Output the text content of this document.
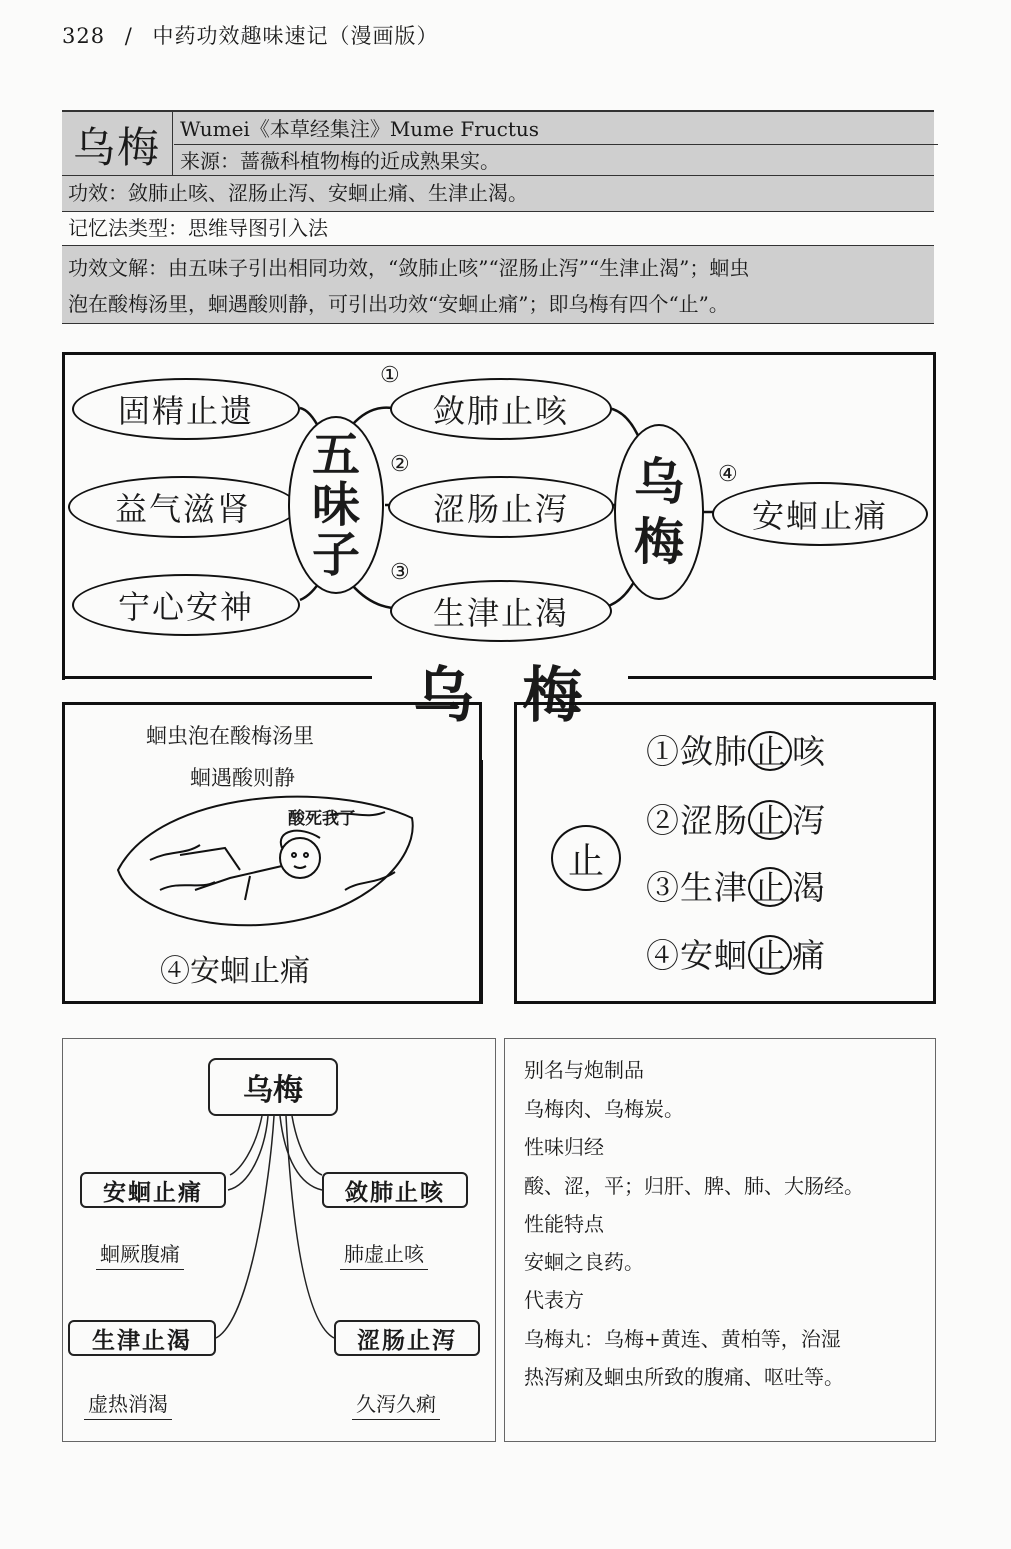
328 / 中药功效趣味速记（漫画版）
乌梅 Wumei《本草经集注》Mume Fructus
来源：蔷薇科植物梅的近成熟果实。
功效：敛肺止咳、涩肠止泻、安蛔止痛、生津止渴。
记忆法类型：思维导图引入法
功效文解：由五味子引出相同功效，“敛肺止咳”“涩肠止泻”“生津止渴”；蛔虫
泡在酸梅汤里，蛔遇酸则静，可引出功效“安蛔止痛”；即乌梅有四个“止”。
固精止遗
益气滋肾
宁心安神
五
味
子
敛肺止咳
涩肠止泻
生津止渴
①
②
③
④
乌
梅	安蛔止痛
乌 梅
蛔虫泡在酸梅汤里
蛔遇酸则静
酸死我了
④安蛔止痛
止
①敛肺 止 咳
②涩肠 止 泻
③生津 止 渴
④安蛔 止 痛
乌梅
安蛔止痛
蛔厥腹痛
敛肺止咳
肺虚止咳
生津止渴
虚热消渴
涩肠止泻
久泻久痢
别名与炮制品
乌梅肉、乌梅炭。
性味归经
酸、涩，平；归肝、脾、肺、大肠经。
性能特点
安蛔之良药。
代表方
乌梅丸：乌梅+黄连、黄柏等，治湿
热泻痢及蛔虫所致的腹痛、呕吐等。
